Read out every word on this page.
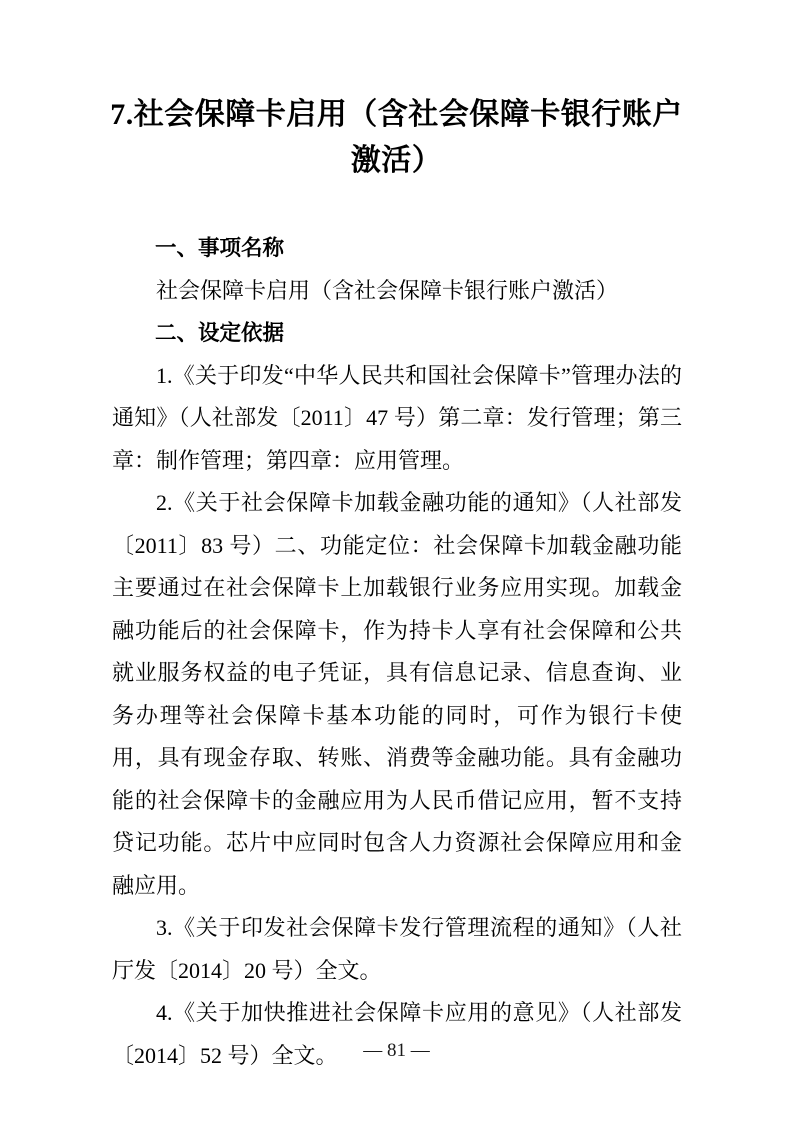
7.社会保障卡启用（含社会保障卡银行账户
激活）

一、事项名称

社会保障卡启用（含社会保障卡银行账户激活）

二、设定依据

1.《关于印发“中华人民共和国社会保障卡”管理办法的通知》（人社部发〔2011〕47 号）第二章：发行管理；第三章：制作管理；第四章：应用管理。

2.《关于社会保障卡加载金融功能的通知》（人社部发〔2011〕83 号）二、功能定位：社会保障卡加载金融功能主要通过在社会保障卡上加载银行业务应用实现。加载金融功能后的社会保障卡，作为持卡人享有社会保障和公共就业服务权益的电子凭证，具有信息记录、信息查询、业务办理等社会保障卡基本功能的同时，可作为银行卡使用，具有现金存取、转账、消费等金融功能。具有金融功能的社会保障卡的金融应用为人民币借记应用，暂不支持贷记功能。芯片中应同时包含人力资源社会保障应用和金融应用。

3.《关于印发社会保障卡发行管理流程的通知》（人社厅发〔2014〕20 号）全文。

4.《关于加快推进社会保障卡应用的意见》（人社部发〔2014〕52 号）全文。	— 81 —
